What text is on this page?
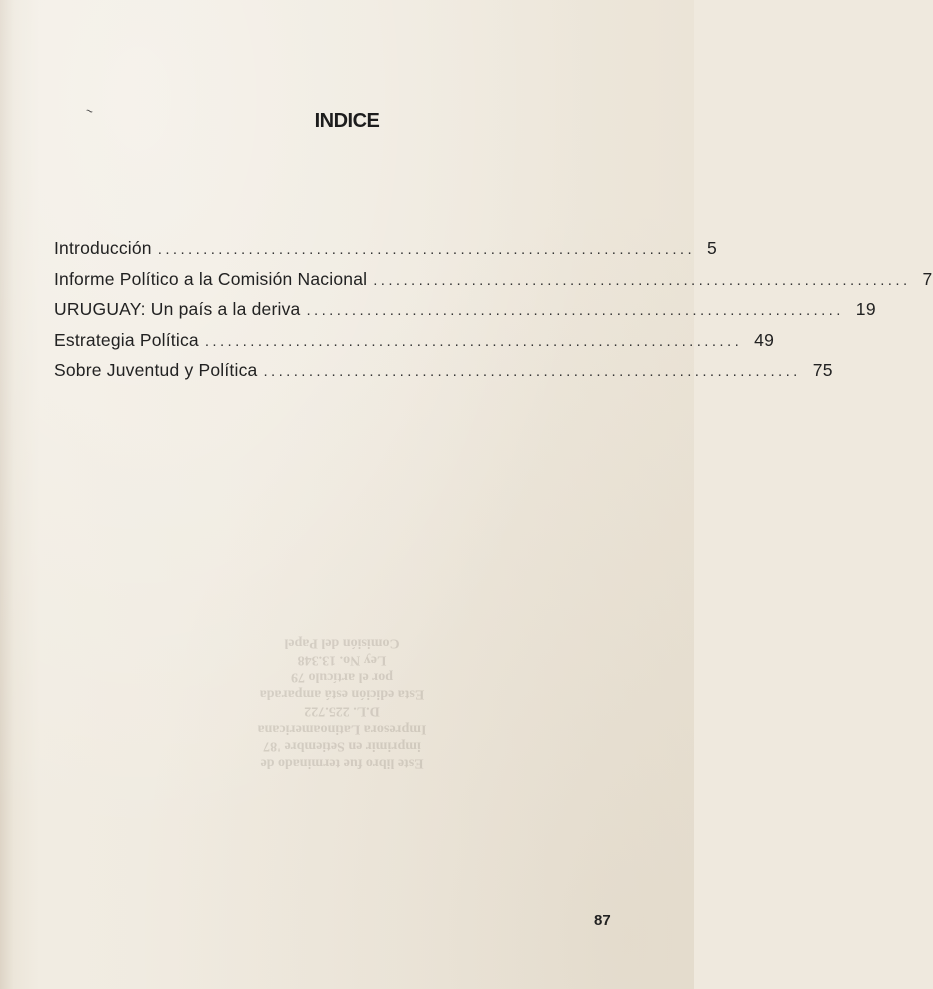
~	INDICE
Introducción ....................................................................... 5
Informe Político a la Comisión Nacional ....................................................................... 7
URUGUAY: Un país a la deriva ....................................................................... 19
Estrategia Política ....................................................................... 49
Sobre Juventud y Política ....................................................................... 75
Este libro fue terminado de
imprimir en Setiembre '87
Impresora Latinoamericana
D.L. 225.722
Esta edición está amparada
por el artículo 79
Ley No. 13.348
Comisión del Papel
87
